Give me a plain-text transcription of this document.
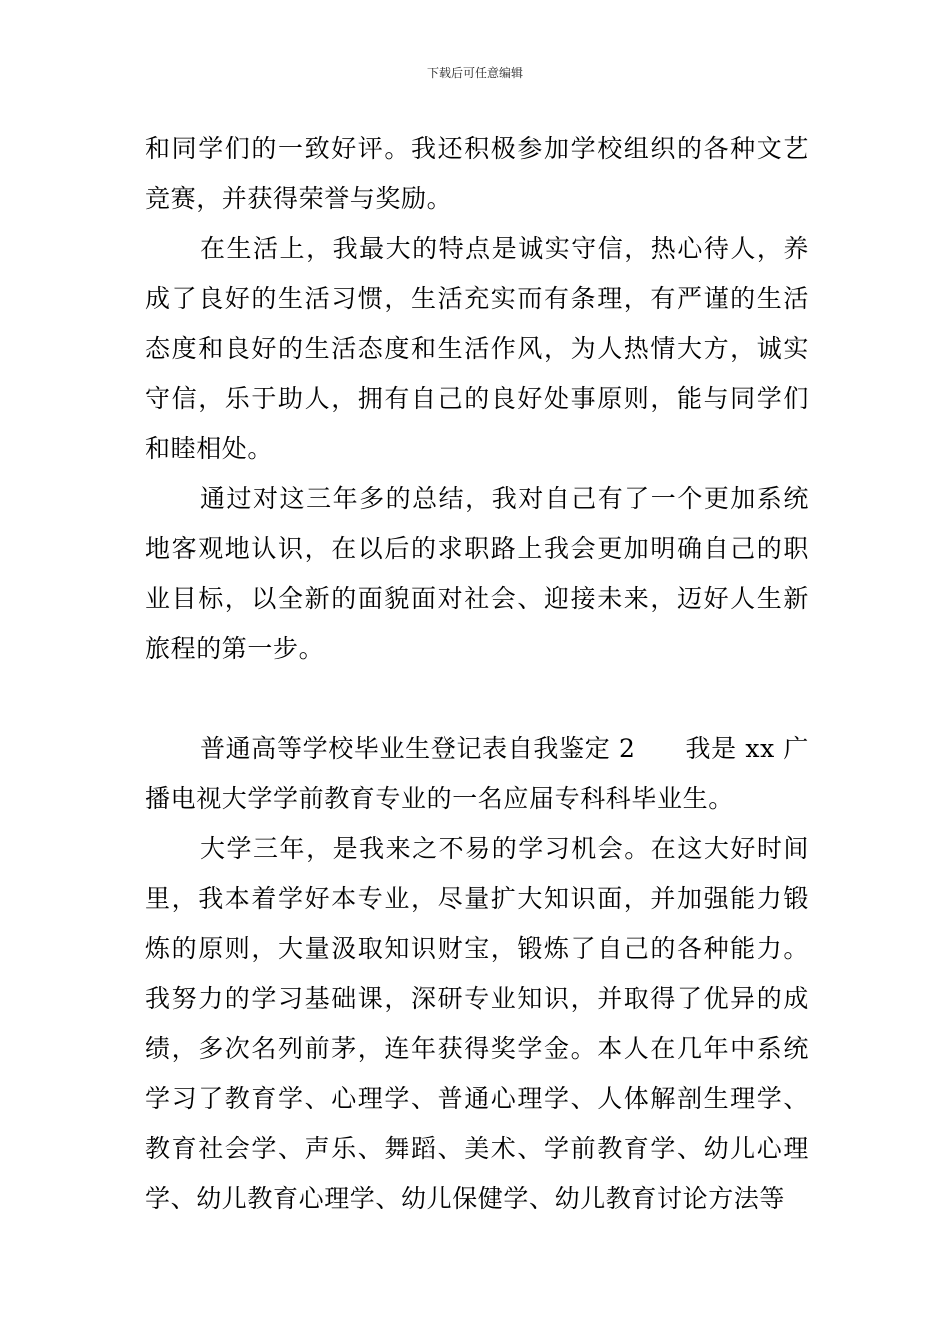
下载后可任意编辑

和同学们的一致好评。我还积极参加学校组织的各种文艺竞赛，并获得荣誉与奖励。

在生活上，我最大的特点是诚实守信，热心待人，养成了良好的生活习惯，生活充实而有条理，有严谨的生活态度和良好的生活态度和生活作风，为人热情大方，诚实守信，乐于助人，拥有自己的良好处事原则，能与同学们和睦相处。

通过对这三年多的总结，我对自己有了一个更加系统地客观地认识，在以后的求职路上我会更加明确自己的职业目标，以全新的面貌面对社会、迎接未来，迈好人生新旅程的第一步。

普通高等学校毕业生登记表自我鉴定 2 我是 xx 广播电视大学学前教育专业的一名应届专科科毕业生。

大学三年，是我来之不易的学习机会。在这大好时间里，我本着学好本专业，尽量扩大知识面，并加强能力锻炼的原则，大量汲取知识财宝，锻炼了自己的各种能力。我努力的学习基础课，深研专业知识，并取得了优异的成绩，多次名列前茅，连年获得奖学金。本人在几年中系统学习了教育学、心理学、普通心理学、人体解剖生理学、教育社会学、声乐、舞蹈、美术、学前教育学、幼儿心理学、幼儿教育心理学、幼儿保健学、幼儿教育讨论方法等
